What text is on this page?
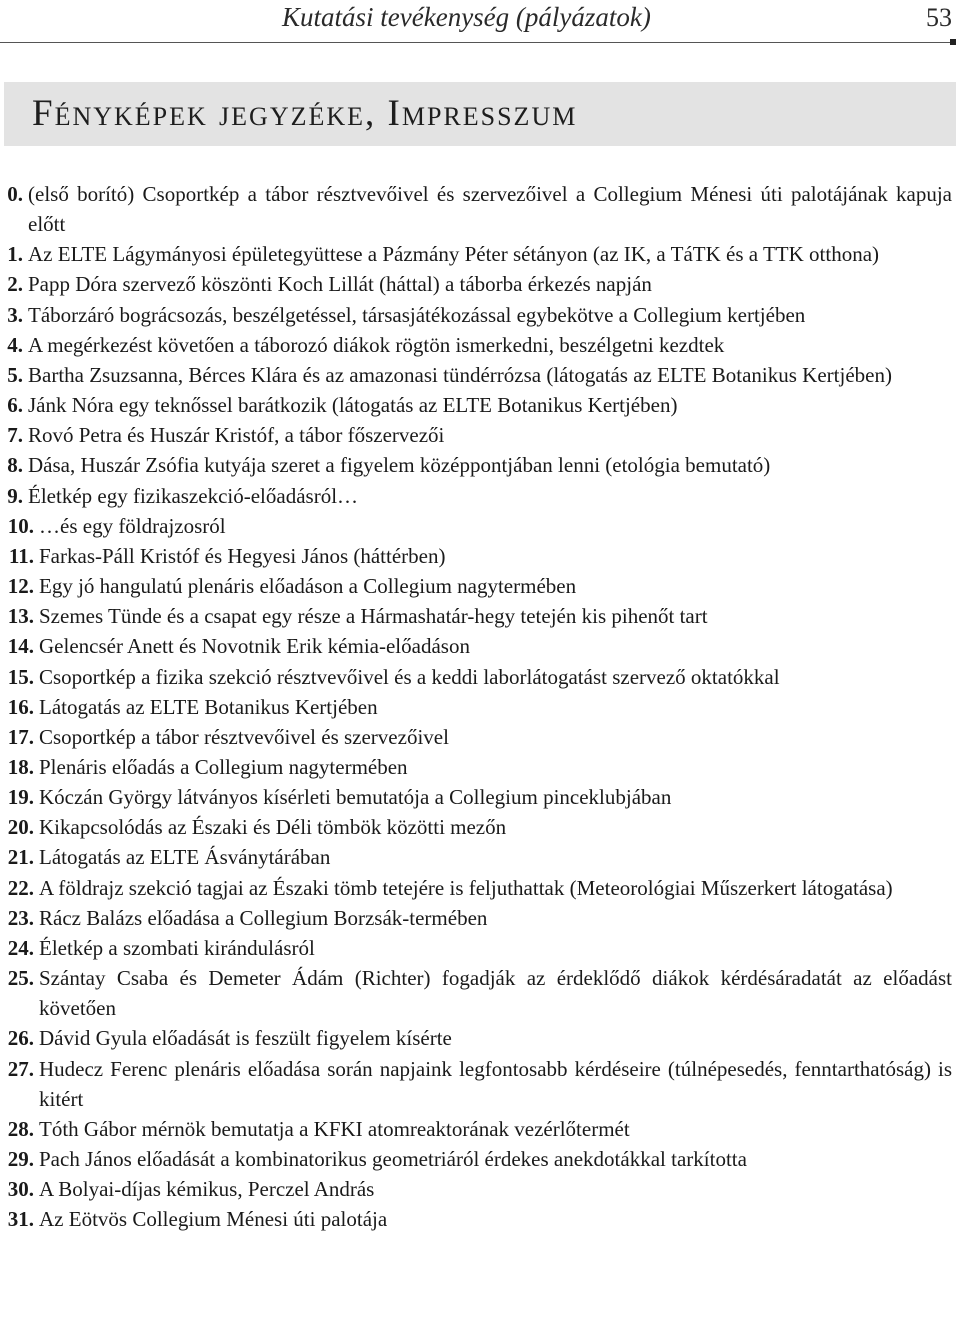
Kutatási tevékenység (pályázatok)	53
Fényképek jegyzéke, Impresszum
0. (első borító) Csoportkép a tábor résztvevőivel és szervezőivel a Collegium Ménesi úti palotájának kapuja előtt
1. Az ELTE Lágymányosi épületegyüttese a Pázmány Péter sétányon (az IK, a TáTK és a TTK otthona)
2. Papp Dóra szervező köszönti Koch Lillát (háttal) a táborba érkezés napján
3. Táborzáró bográcsozás, beszélgetéssel, társasjátékozással egybekötve a Collegium kertjében
4. A megérkezést követően a táborozó diákok rögtön ismerkedni, beszélgetni kezdtek
5. Bartha Zsuzsanna, Bérces Klára és az amazonasi tündérrózsa (látogatás az ELTE Botanikus Kertjében)
6. Jánk Nóra egy teknőssel barátkozik (látogatás az ELTE Botanikus Kertjében)
7. Rovó Petra és Huszár Kristóf, a tábor főszervezői
8. Dása, Huszár Zsófia kutyája szeret a figyelem középpontjában lenni (etológia bemutató)
9. Életkép egy fizikaszekció-előadásról…
10. …és egy földrajzosról
11. Farkas-Páll Kristóf és Hegyesi János (háttérben)
12. Egy jó hangulatú plenáris előadáson a Collegium nagytermében
13. Szemes Tünde és a csapat egy része a Hármashatár-hegy tetején kis pihenőt tart
14. Gelencsér Anett és Novotnik Erik kémia-előadáson
15. Csoportkép a fizika szekció résztvevőivel és a keddi laborlátogatást szervező oktatókkal
16. Látogatás az ELTE Botanikus Kertjében
17. Csoportkép a tábor résztvevőivel és szervezőivel
18. Plenáris előadás a Collegium nagytermében
19. Kóczán György látványos kísérleti bemutatója a Collegium pinceklubjában
20. Kikapcsolódás az Északi és Déli tömbök közötti mezőn
21. Látogatás az ELTE Ásványtárában
22. A földrajz szekció tagjai az Északi tömb tetejére is feljuthattak (Meteorológiai Műszerkert látogatása)
23. Rácz Balázs előadása a Collegium Borzsák-termében
24. Életkép a szombati kirándulásról
25. Szántay Csaba és Demeter Ádám (Richter) fogadják az érdeklődő diákok kérdésáradatát az előadást követően
26. Dávid Gyula előadását is feszült figyelem kísérte
27. Hudecz Ferenc plenáris előadása során napjaink legfontosabb kérdéseire (túlnépesedés, fenntarthatóság) is kitért
28. Tóth Gábor mérnök bemutatja a KFKI atomreaktorának vezérlőtermét
29. Pach János előadását a kombinatorikus geometriáról érdekes anekdotákkal tarkította
30. A Bolyai-díjas kémikus, Perczel András
31. Az Eötvös Collegium Ménesi úti palotája
